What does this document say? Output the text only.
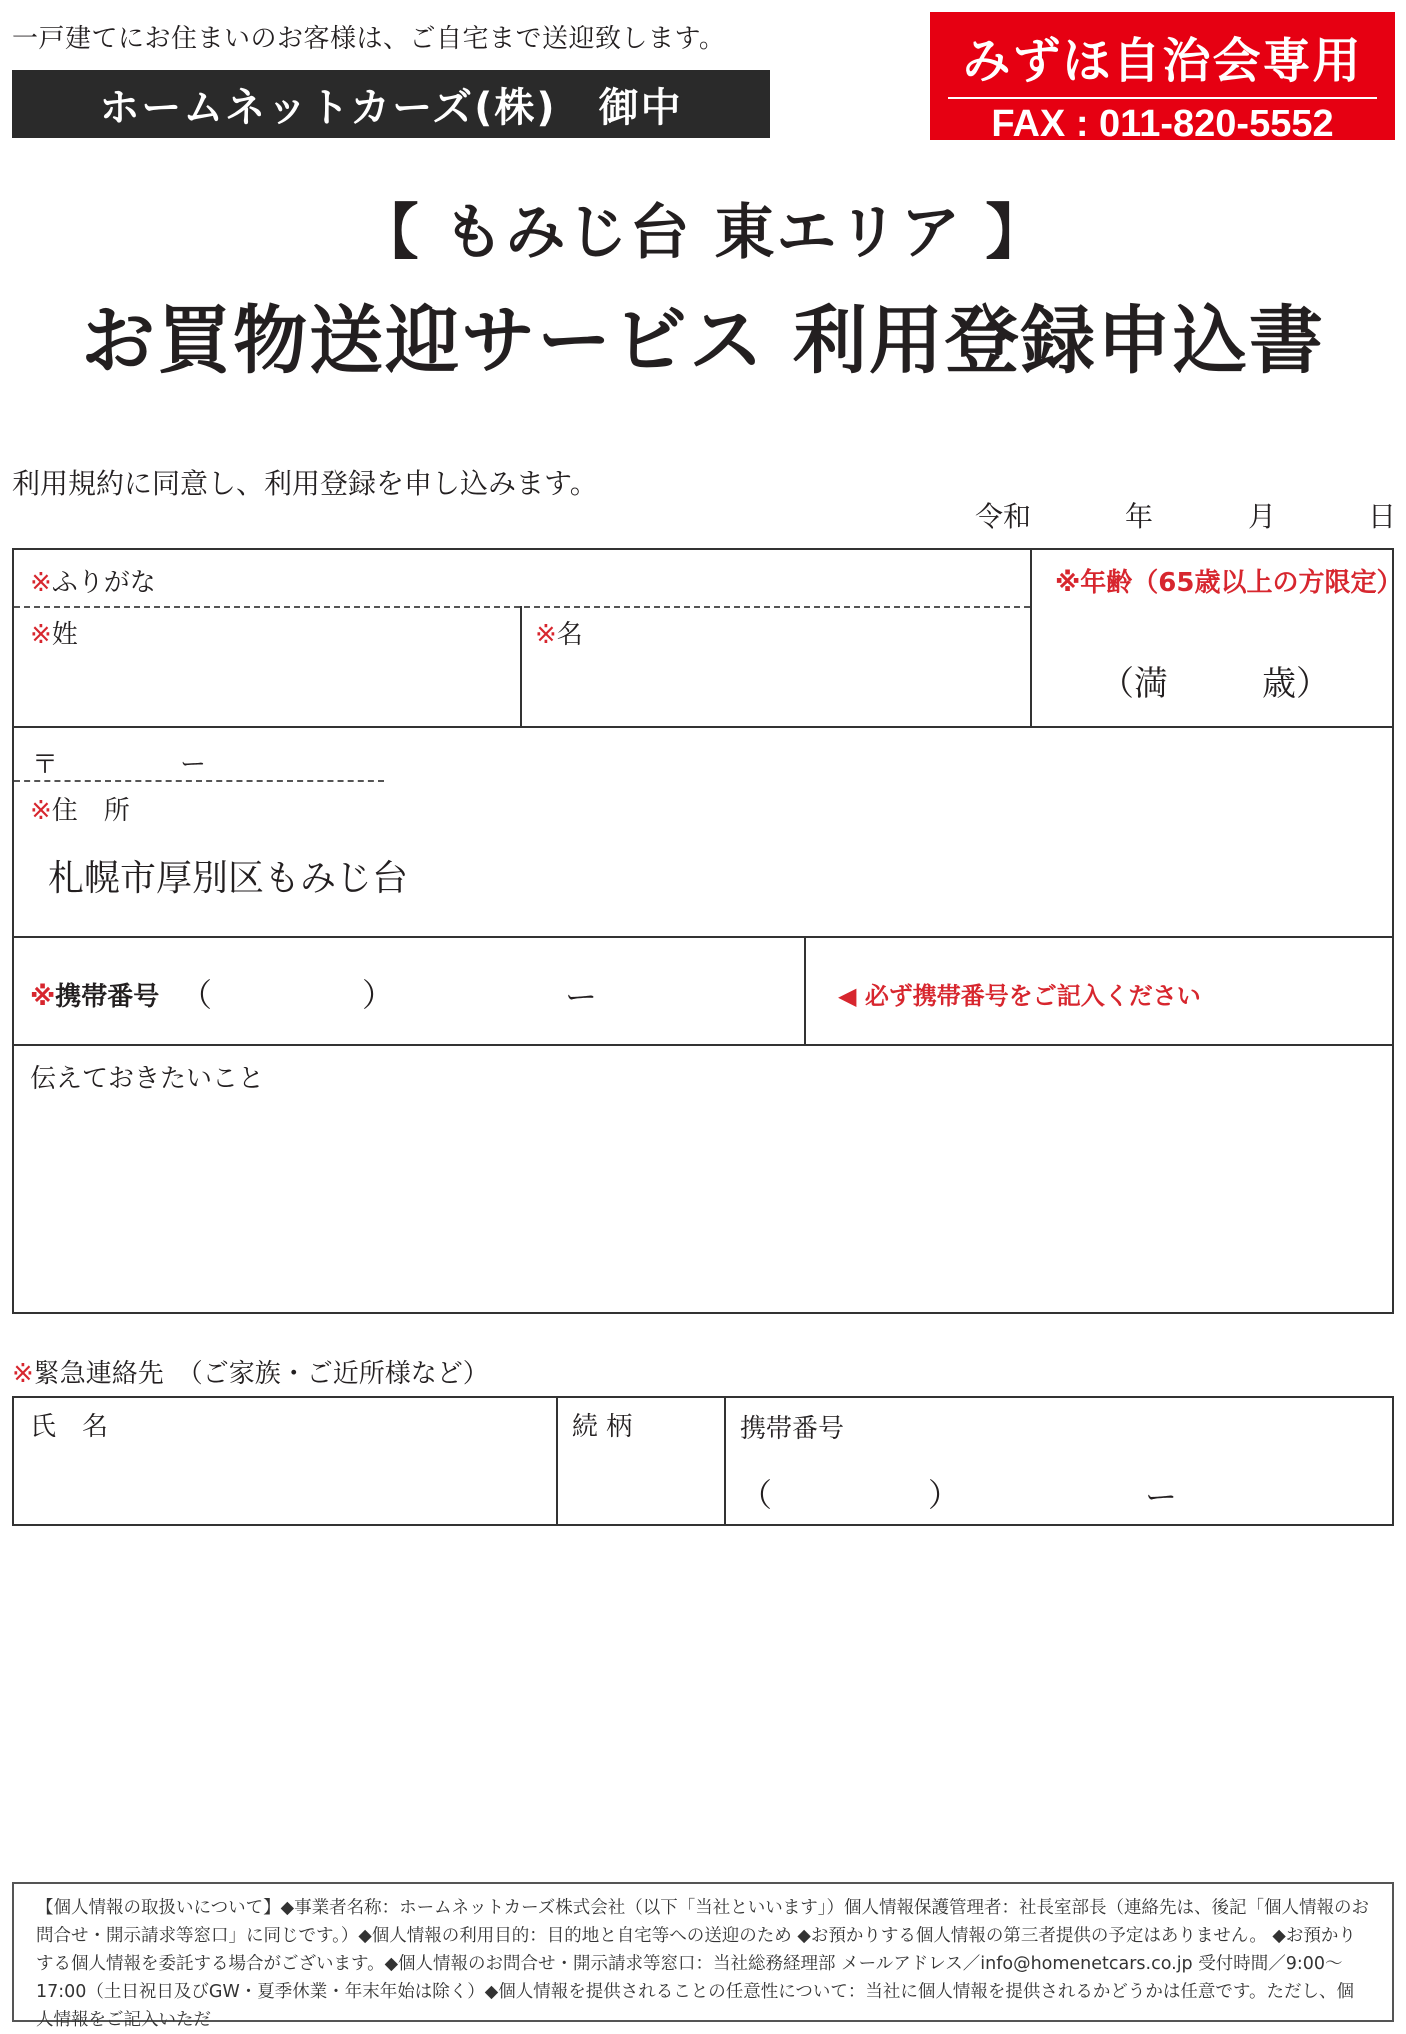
一戸建てにお住まいのお客様は、ご自宅まで送迎致します。
ホームネットカーズ(株)　御中
みずほ自治会専用
FAX : 011-820-5552
【 もみじ台 東エリア 】
お買物送迎サービス 利用登録申込書
利用規約に同意し、利用登録を申し込みます。
令和	年	月	日
※ふりがな	※年齢（65歳以上の方限定）
（満	歳）
※姓	※名
〒	ー
※住　所
札幌市厚別区もみじ台
※携帯番号 （	）	ー	◀ 必ず携帯番号をご記入ください
伝えておきたいこと
※緊急連絡先　（ご家族・ご近所様など）
氏　名	続 柄	携帯番号
（	）	ー
【個人情報の取扱いについて】◆事業者名称：ホームネットカーズ株式会社（以下「当社といいます」）個人情報保護管理者：社長室部長（連絡先は、後記「個人情報のお問合せ・開示請求等窓口」に同じです。）◆個人情報の利用目的：目的地と自宅等への送迎のため ◆お預かりする個人情報の第三者提供の予定はありません。 ◆お預かりする個人情報を委託する場合がございます。◆個人情報のお問合せ・開示請求等窓口：当社総務経理部 メールアドレス／info@homenetcars.co.jp 受付時間／9:00〜17:00（土日祝日及びGW・夏季休業・年末年始は除く）◆個人情報を提供されることの任意性について：当社に個人情報を提供されるかどうかは任意です。ただし、個人情報をご記入いただ
